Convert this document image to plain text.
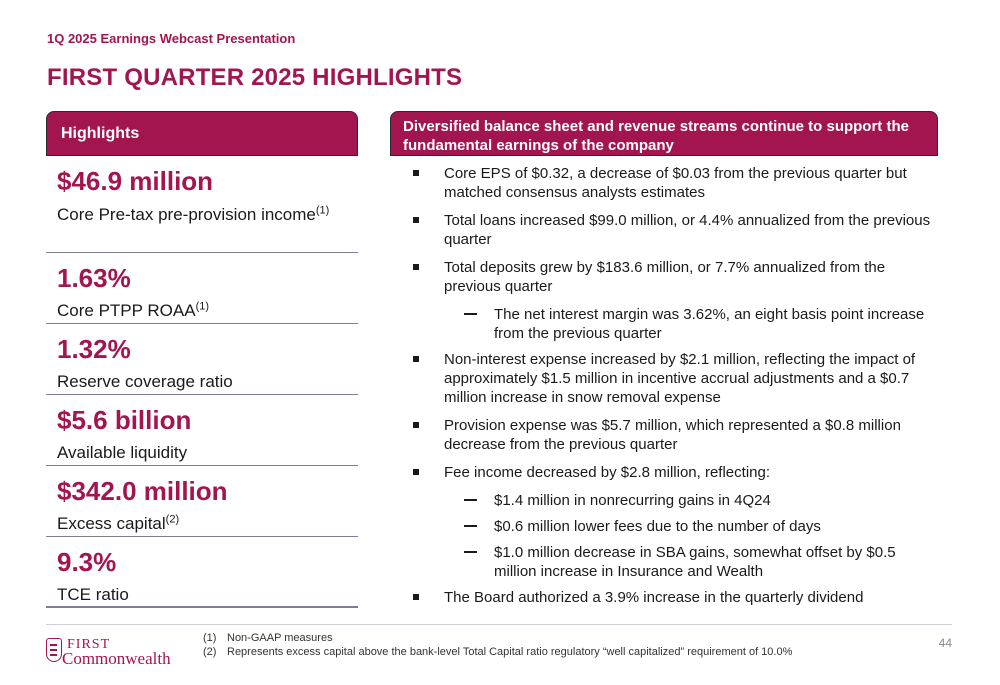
1Q 2025 Earnings Webcast Presentation
FIRST QUARTER 2025 HIGHLIGHTS
Highlights
$46.9 million
Core Pre-tax pre-provision income$^{(1)}$
1.63%
Core PTPP ROAA$^{(1)}$
1.32%
Reserve coverage ratio
$5.6 billion
Available liquidity
$342.0 million
Excess capital$^{(2)}$
9.3%
TCE ratio
Diversified balance sheet and revenue streams continue to support the fundamental earnings of the company
Core EPS of $0.32, a decrease of $0.03 from the previous quarter but matched consensus analysts estimates
Total loans increased $99.0 million, or 4.4% annualized from the previous quarter
Total deposits grew by $183.6 million, or 7.7% annualized from the previous quarter
The net interest margin was 3.62%, an eight basis point increase from the previous quarter
Non-interest expense increased by $2.1 million, reflecting the impact of approximately $1.5 million in incentive accrual adjustments and a $0.7 million increase in snow removal expense
Provision expense was $5.7 million, which represented a $0.8 million decrease from the previous quarter
Fee income decreased by $2.8 million, reflecting:
$1.4 million in nonrecurring gains in 4Q24
$0.6 million lower fees due to the number of days
$1.0 million decrease in SBA gains, somewhat offset by $0.5 million increase in Insurance and Wealth
The Board authorized a 3.9% increase in the quarterly dividend
FIRST
Commonwealth
(1) Non-GAAP measures
(2) Represents excess capital above the bank-level Total Capital ratio regulatory “well capitalized” requirement of 10.0%
44
